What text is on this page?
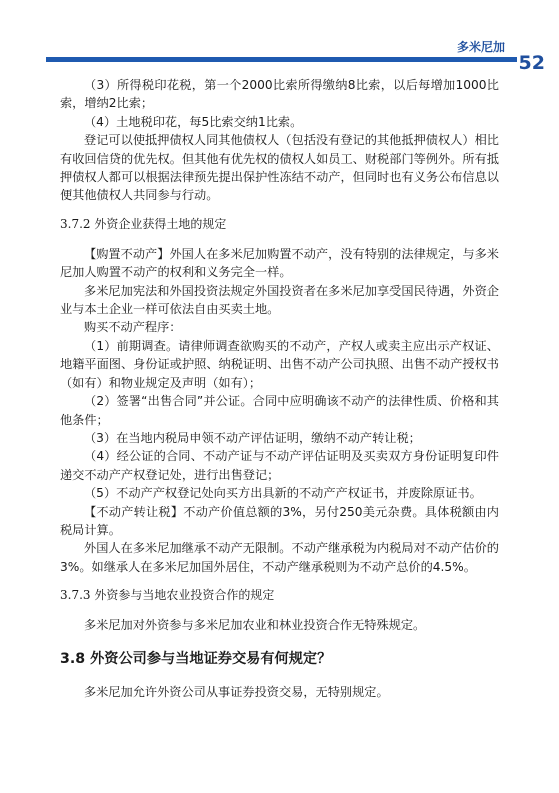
多米尼加
52

（3）所得税印花税，第一个2000比索所得缴纳8比索，以后每增加1000比索，增纳2比索；

（4）土地税印花，每5比索交纳1比索。

登记可以使抵押债权人同其他债权人（包括没有登记的其他抵押债权人）相比有收回信贷的优先权。但其他有优先权的债权人如员工、财税部门等例外。所有抵押债权人都可以根据法律预先提出保护性冻结不动产，但同时也有义务公布信息以便其他债权人共同参与行动。

3.7.2 外资企业获得土地的规定

【购置不动产】外国人在多米尼加购置不动产，没有特别的法律规定，与多米尼加人购置不动产的权利和义务完全一样。

多米尼加宪法和外国投资法规定外国投资者在多米尼加享受国民待遇，外资企业与本土企业一样可依法自由买卖土地。

购买不动产程序：

（1）前期调查。请律师调查欲购买的不动产，产权人或卖主应出示产权证、地籍平面图、身份证或护照、纳税证明、出售不动产公司执照、出售不动产授权书（如有）和物业规定及声明（如有）；

（2）签署“出售合同”并公证。合同中应明确该不动产的法律性质、价格和其他条件；

（3）在当地内税局申领不动产评估证明，缴纳不动产转让税；

（4）经公证的合同、不动产证与不动产评估证明及买卖双方身份证明复印件递交不动产产权登记处，进行出售登记；

（5）不动产产权登记处向买方出具新的不动产产权证书，并废除原证书。

【不动产转让税】不动产价值总额的3%，另付250美元杂费。具体税额由内税局计算。

外国人在多米尼加继承不动产无限制。不动产继承税为内税局对不动产估价的3%。如继承人在多米尼加国外居住，不动产继承税则为不动产总价的4.5%。

3.7.3 外资参与当地农业投资合作的规定

多米尼加对外资参与多米尼加农业和林业投资合作无特殊规定。

3.8 外资公司参与当地证券交易有何规定？

多米尼加允许外资公司从事证券投资交易，无特别规定。
